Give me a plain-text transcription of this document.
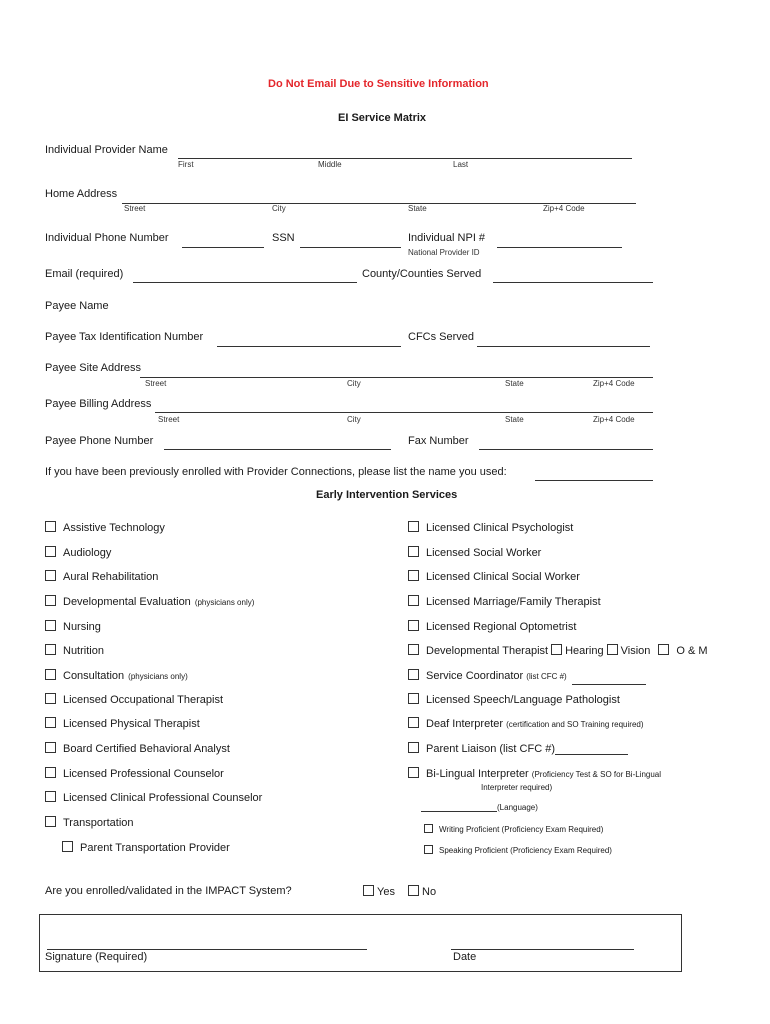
Do Not Email Due to Sensitive Information
EI Service Matrix
Individual Provider Name
First	Middle	Last
Home Address
Street	City	State	Zip+4 Code
Individual Phone Number	SSN	Individual NPI #
National Provider ID
Email (required)	County/Counties Served
Payee Name
Payee Tax Identification Number	CFCs Served
Payee Site Address
Street	City	State	Zip+4 Code
Payee Billing Address
Street	City	State	Zip+4 Code
Payee Phone Number	Fax Number
If you have been previously enrolled with Provider Connections, please list the name you used:
Early Intervention Services
Assistive Technology
Audiology
Aural Rehabilitation
Developmental Evaluation (physicians only)
Nursing
Nutrition
Consultation (physicians only)
Licensed Occupational Therapist
Licensed Physical Therapist
Board Certified Behavioral Analyst
Licensed Professional Counselor
Licensed Clinical Professional Counselor
Transportation
Parent Transportation Provider
Licensed Clinical Psychologist
Licensed Social Worker
Licensed Clinical Social Worker
Licensed Marriage/Family Therapist
Licensed Regional Optometrist
Developmental Therapist Hearing Vision O & M
Service Coordinator (list CFC #)
Licensed Speech/Language Pathologist
Deaf Interpreter (certification and SO Training required)
Parent Liaison (list CFC #)
Bi-Lingual Interpreter (Proficiency Test & SO for Bi-Lingual
Interpreter required)
(Language)
Writing Proficient (Proficiency Exam Required)
Speaking Proficient (Proficiency Exam Required)
Are you enrolled/validated in the IMPACT System?	Yes	No
Signature (Required)	Date
